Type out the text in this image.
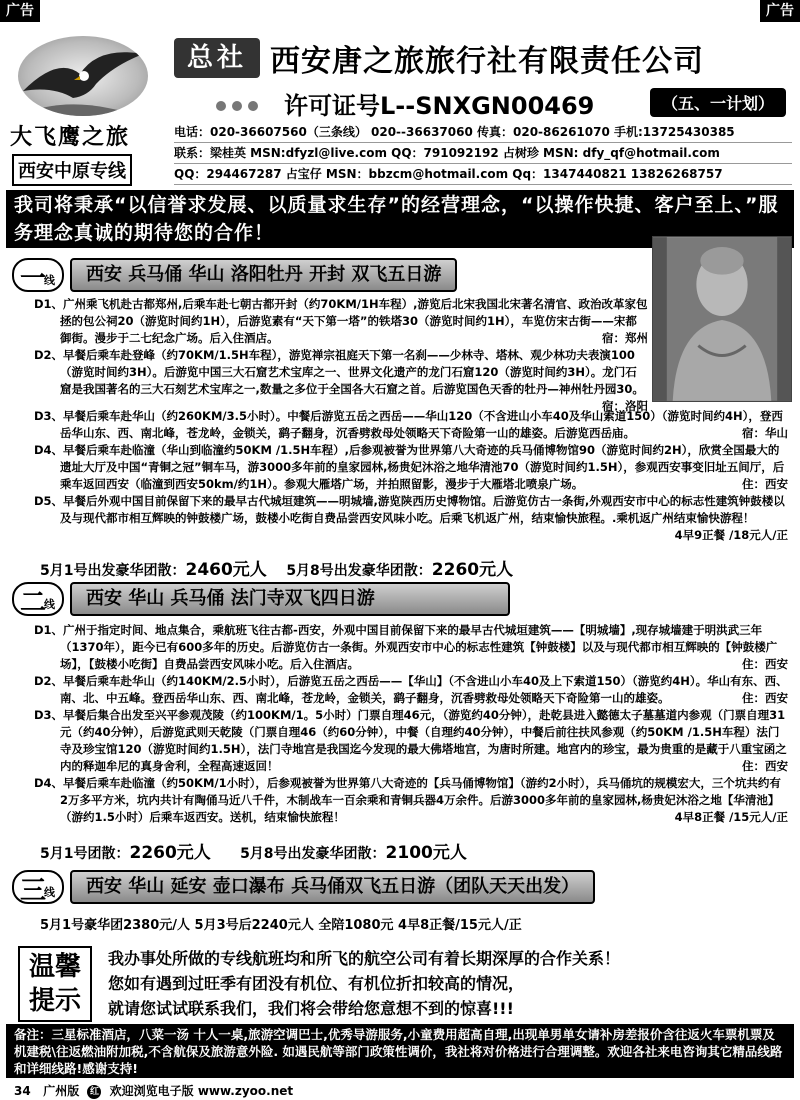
广告	广告
大飞鹰之旅
西安中原专线
总社 西安唐之旅旅行社有限责任公司
许可证号L--SNXGN00469	（五、一计划）
电话：020-36607560（三条线） 020--36637060 传真：020-86261070 手机:13725430385
联系：梁桂英 MSN:dfyzl@live.com QQ：791092192 占树珍 MSN: dfy_qf@hotmail.com
QQ：294467287 占宝仔 MSN：bbzcm@hotmail.com Qq：1347440821 13826268757
我司将秉承“以信誉求发展、以质量求生存”的经营理念，“以操作快捷、客户至上、”服务理念真诚的期待您的合作！
一
线	西安 兵马俑 华山 洛阳牡丹 开封 双飞五日游

D1、广州乘飞机赴古都郑州,后乘车赴七朝古都开封（约70KM/1H车程）,游览后北宋我国北宋著名清官、政治改革家包拯的包公祠20（游览时间约1H），后游览素有“天下第一塔”的铁塔30（游览时间约1H），车览仿宋古街——宋都御街。漫步于二七纪念广场。后入住酒店。	宿：郑州

D2、早餐后乘车赴登峰（约70KM/1.5H车程），游览禅宗祖庭天下第一名刹——少林寺、塔林、观少林功夫表演100（游览时间约3H）。后游览中国三大石窟艺术宝库之一、世界文化遗产的龙门石窟120（游览时间约3H）。龙门石窟是我国著名的三大石刻艺术宝库之一,数量之多位于全国各大石窟之首。后游览国色天香的牡丹—神州牡丹园30。
宿：洛阳

D3、早餐后乘车赴华山（约260KM/3.5小时）。中餐后游览五岳之西岳——华山120（不含进山小车40及华山索道150）（游览时间约4H），登西岳华山东、西、南北峰，苍龙岭，金锁关，鹞子翻身，沉香劈救母处领略天下奇险第一山的雄姿。后游览西岳庙。	宿：华山

D4、早餐后乘车赴临潼（华山到临潼约50KM /1.5H车程）,后参观被誉为世界第八大奇迹的兵马俑博物馆90（游览时间约2H），欣赏全国最大的遗址大厅及中国“青铜之冠”铜车马，游3000多年前的皇家园林,杨贵妃沐浴之地华清池70（游览时间约1.5H），参观西安事变旧址五间厅，后乘车返回西安（临潼到西安50km/约1H）。参观大雁塔广场，并拍照留影，漫步于大雁塔北喷泉广场。	住：西安

D5、早餐后外观中国目前保留下来的最早古代城垣建筑——明城墙,游览陕西历史博物馆。后游览仿古一条街,外观西安市中心的标志性建筑钟鼓楼以及与现代都市相互辉映的钟鼓楼广场，鼓楼小吃街自费品尝西安风味小吃。后乘飞机返广州，结束愉快旅程。.乘机返广州结束愉快游程！
4早9正餐 /18元人/正

5月1号出发豪华团散：2460元人 5月8号出发豪华团散：2260元人
二
线	西安 华山 兵马俑 法门寺双飞四日游

D1、广州于指定时间、地点集合，乘航班飞往古都-西安，外观中国目前保留下来的最早古代城垣建筑——【明城墙】,现存城墙建于明洪武三年（1370年），距今已有600多年的历史。后游览仿古一条街。外观西安市中心的标志性建筑【钟鼓楼】以及与现代都市相互辉映的【钟鼓楼广场】，【鼓楼小吃街】自费品尝西安风味小吃。后入住酒店。	住：西安

D2、早餐后乘车赴华山（约140KM/2.5小时），后游览五岳之西岳——【华山】（不含进山小车40及上下索道150）（游览约4H）。华山有东、西、南、北、中五峰。登西岳华山东、西、南北峰，苍龙岭，金锁关，鹞子翻身，沉香劈救母处领略天下奇险第一山的雄姿。	住：西安

D3、早餐后集合出发至兴平参观茂陵（约100KM/1。5小时）门票自理46元，（游览约40分钟），赴乾县进入懿德太子墓墓道内参观（门票自理31元（约40分钟），后游览武则天乾陵（门票自理46（约60分钟），中餐（自理约40分钟），中餐后前往扶风参观（约50KM /1.5H车程）法门寺及珍宝馆120（游览时间约1.5H），法门寺地宫是我国迄今发现的最大佛塔地宫，为唐时所建。地宫内的珍宝，最为贵重的是藏于八重宝函之内的释迦牟尼的真身舍利，全程高速返回！	住：西安

D4、早餐后乘车赴临潼（约50KM/1小时），后参观被誉为世界第八大奇迹的【兵马俑博物馆】（游约2小时），兵马俑坑的规模宏大，三个坑共约有2万多平方米，坑内共计有陶俑马近八千件，木制战车一百余乘和青铜兵器4万余件。后游3000多年前的皇家园林,杨贵妃沐浴之地【华清池】（游约1.5小时）后乘车返西安。送机，结束愉快旅程！	4早8正餐 /15元人/正

5月1号团散：2260元人 5月8号出发豪华团散：2100元人
三
线	西安 华山 延安 壶口瀑布 兵马俑双飞五日游（团队天天出发）
5月1号豪华团2380元/人 5月3号后2240元人 全陪1080元 4早8正餐/15元人/正
温馨
提示
我办事处所做的专线航班均和所飞的航空公司有着长期深厚的合作关系！
您如有遇到过旺季有团没有机位、有机位折扣较高的情况，
就请您试试联系我们，我们将会带给您意想不到的惊喜!!!
备注：三星标准酒店，八菜一汤 十人一桌,旅游空调巴士,优秀导游服务,小童费用超高自理,出现单男单女请补房差报价含往返火车票机票及机建税\往返燃油附加税,不含航保及旅游意外险. 如遇民航等部门政策性调价，我社将对价格进行合理调整。欢迎各社来电咨询其它精品线路和详细线路!感谢支持!
34 广州版 红 欢迎浏览电子版 www.zyoo.net
